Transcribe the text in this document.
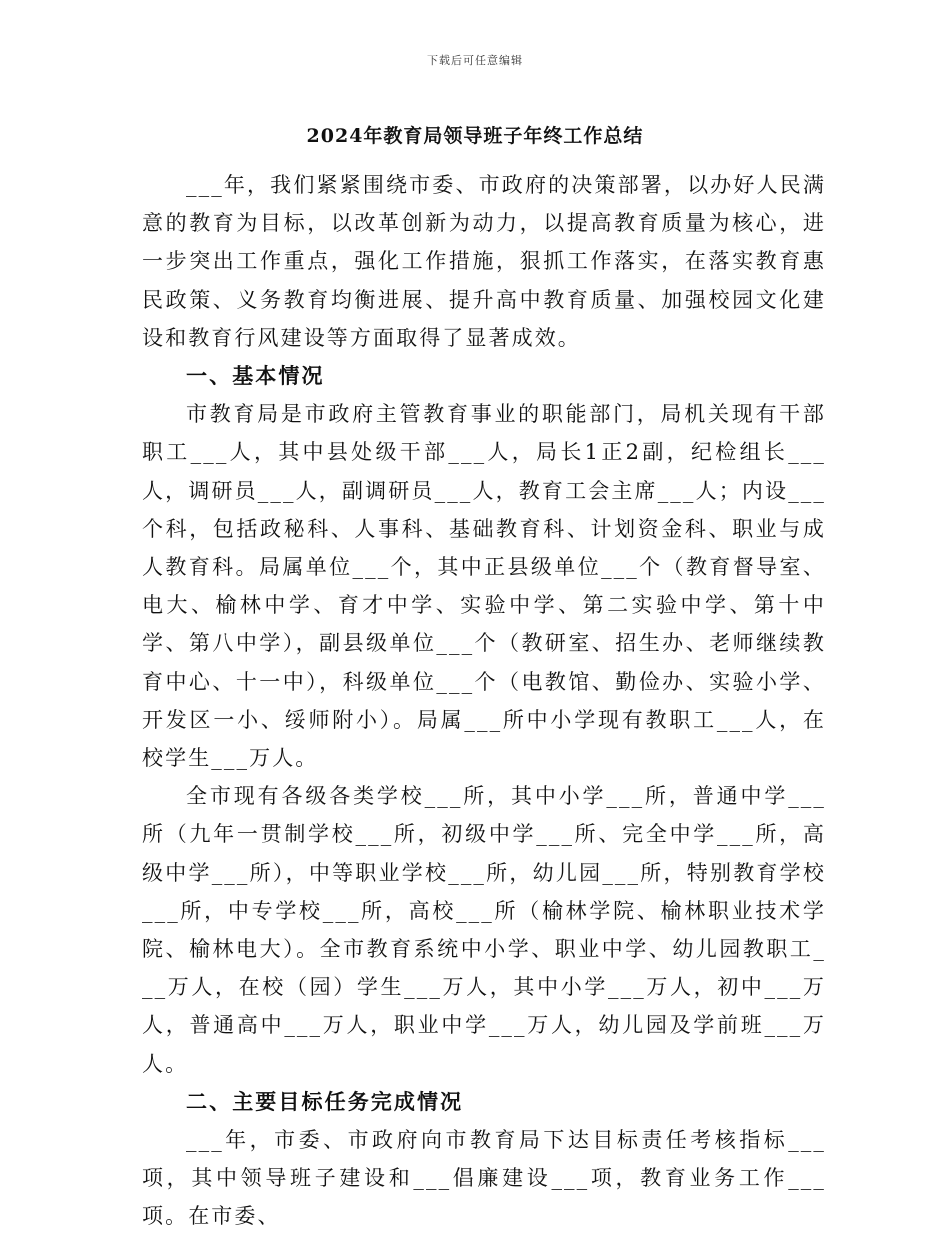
下载后可任意编辑
2024年教育局领导班子年终工作总结

___年，我们紧紧围绕市委、市政府的决策部署，以办好人民满意的教育为目标，以改革创新为动力，以提高教育质量为核心，进一步突出工作重点，强化工作措施，狠抓工作落实，在落实教育惠民政策、义务教育均衡进展、提升高中教育质量、加强校园文化建设和教育行风建设等方面取得了显著成效。

一、基本情况

市教育局是市政府主管教育事业的职能部门，局机关现有干部职工___人，其中县处级干部___人，局长1正2副，纪检组长___人，调研员___人，副调研员___人，教育工会主席___人；内设___个科，包括政秘科、人事科、基础教育科、计划资金科、职业与成人教育科。局属单位___个，其中正县级单位___个（教育督导室、电大、榆林中学、育才中学、实验中学、第二实验中学、第十中学、第八中学），副县级单位___个（教研室、招生办、老师继续教育中心、十一中），科级单位___个（电教馆、勤俭办、实验小学、开发区一小、绥师附小）。局属___所中小学现有教职工___人，在校学生___万人。

全市现有各级各类学校___所，其中小学___所，普通中学___所（九年一贯制学校___所，初级中学___所、完全中学___所，高级中学___所），中等职业学校___所，幼儿园___所，特别教育学校___所，中专学校___所，高校___所（榆林学院、榆林职业技术学院、榆林电大）。全市教育系统中小学、职业中学、幼儿园教职工___万人，在校（园）学生___万人，其中小学___万人，初中___万人，普通高中___万人，职业中学___万人，幼儿园及学前班___万人。

二、主要目标任务完成情况

___年，市委、市政府向市教育局下达目标责任考核指标___项，其中领导班子建设和___倡廉建设___项，教育业务工作___项。在市委、
